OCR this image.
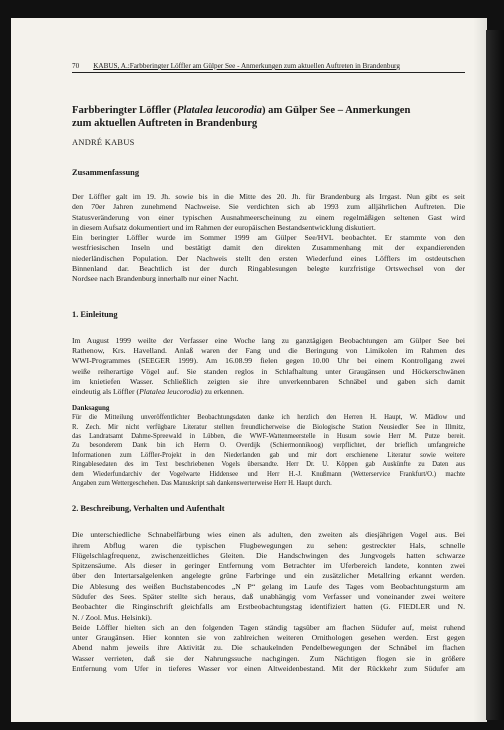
70 KABUS, A.:Farbberingter Löffler am Gülper See - Anmerkungen zum aktuellen Auftreten in Brandenburg
Farbberingter Löffler (Platalea leucorodia) am Gülper See – Anmerkungen
zum aktuellen Auftreten in Brandenburg
ANDRÉ KABUS
Zusammenfassung
Der Löffler galt im 19. Jh. sowie bis in die Mitte des 20. Jh. für Brandenburg als Irrgast. Nun gibt es seit
den 70er Jahren zunehmend Nachweise. Sie verdichten sich ab 1993 zum alljährlichen Auftreten. Die
Statusveränderung von einer typischen Ausnahmeerscheinung zu einem regelmäßigen seltenen Gast wird
in diesem Aufsatz dokumentiert und im Rahmen der europäischen Bestandsentwicklung diskutiert.
Ein beringter Löffler wurde im Sommer 1999 am Gülper See/HVL beobachtet. Er stammte von den
westfriesischen Inseln und bestätigt damit den direkten Zusammenhang mit der expandierenden
niederländischen Population. Der Nachweis stellt den ersten Wiederfund eines Löfflers im ostdeutschen
Binnenland dar. Beachtlich ist der durch Ringablesungen belegte kurzfristige Ortswechsel von der
Nordsee nach Brandenburg innerhalb nur einer Nacht.
1. Einleitung
Im August 1999 weilte der Verfasser eine Woche lang zu ganztägigen Beobachtungen am Gülper See bei
Rathenow, Krs. Havelland. Anlaß waren der Fang und die Beringung von Limikolen im Rahmen des
WWI-Programmes (SEEGER 1999). Am 16.08.99 fielen gegen 10.00 Uhr bei einem Kontrollgang zwei
weiße reiherartige Vögel auf. Sie standen reglos in Schlafhaltung unter Graugänsen und Höckerschwänen
im knietiefen Wasser. Schließlich zeigten sie ihre unverkennbaren Schnäbel und gaben sich damit
eindeutig als Löffler (Platalea leucorodia) zu erkennen.
Danksagung
Für die Mitteilung unveröffentlichter Beobachtungsdaten danke ich herzlich den Herren H. Haupt, W. Mädlow und
R. Zech. Mir nicht verfügbare Literatur stellten freundlicherweise die Biologische Station Neusiedler See in Illmitz,
das Landratsamt Dahme-Spreewald in Lübben, die WWF-Wattenmeerstelle in Husum sowie Herr M. Putze bereit.
Zu besonderem Dank bin ich Herrn O. Overdijk (Schiermonnikoog) verpflichtet, der brieflich umfangreiche
Informationen zum Löffler-Projekt in den Niederlanden gab und mir dort erschienene Literatur sowie weitere
Ringablesedaten des im Text beschriebenen Vogels übersandte. Herr Dr. U. Köppen gab Auskünfte zu Daten aus
dem Wiederfundarchiv der Vogelwarte Hiddensee und Herr H.-J. Knußmann (Wetterservice Frankfurt/O.) machte
Angaben zum Wettergeschehen. Das Manuskript sah dankenswerterweise Herr H. Haupt durch.
2. Beschreibung, Verhalten und Aufenthalt
Die unterschiedliche Schnabelfärbung wies einen als adulten, den zweiten als diesjährigen Vogel aus. Bei
ihrem Abflug waren die typischen Flugbewegungen zu sehen: gestreckter Hals, schnelle
Flügelschlagfrequenz, zwischenzeitliches Gleiten. Die Handschwingen des Jungvogels hatten schwarze
Spitzensäume. Als dieser in geringer Entfernung vom Betrachter im Uferbereich landete, konnten zwei
über den Intertarsalgelenken angelegte grüne Farbringe und ein zusätzlicher Metallring erkannt werden.
Die Ablesung des weißen Buchstabencodes „N P“ gelang im Laufe des Tages vom Beobachtungsturm am
Südufer des Sees. Später stellte sich heraus, daß unabhängig vom Verfasser und voneinander zwei weitere
Beobachter die Ringinschrift gleichfalls am Erstbeobachtungstag identifiziert hatten (G. FIEDLER und N.
N. / Zool. Mus. Helsinki).
Beide Löffler hielten sich an den folgenden Tagen ständig tagsüber am flachen Südufer auf, meist ruhend
unter Graugänsen. Hier konnten sie von zahlreichen weiteren Ornithologen gesehen werden. Erst gegen
Abend nahm jeweils ihre Aktivität zu. Die schaukelnden Pendelbewegungen der Schnäbel im flachen
Wasser verrieten, daß sie der Nahrungssuche nachgingen. Zum Nächtigen flogen sie in größere
Entfernung vom Ufer in tieferes Wasser vor einen Altweidenbestand. Mit der Rückkehr zum Südufer am
